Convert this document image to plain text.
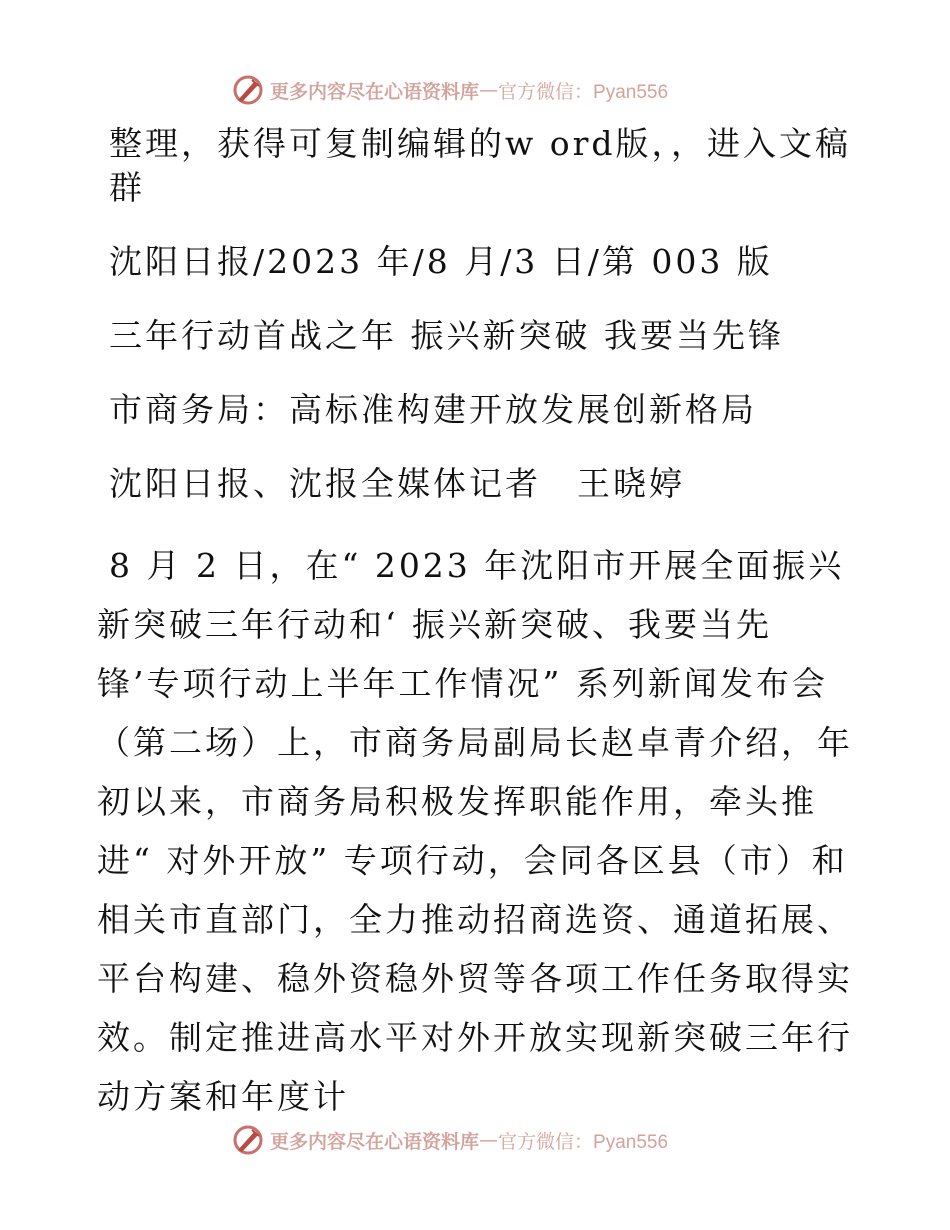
更多内容尽在心语资料库 — 官方微信：Pyan556

整理，获得可复制编辑的w ord版，，进入文稿群

沈阳日报/2023 年/8 月/3 日/第 003 版

三年行动首战之年 振兴新突破 我要当先锋

市商务局：高标准构建开放发展创新格局

沈阳日报、沈报全媒体记者　王晓婷

8 月 2 日，在“ 2023 年沈阳市开展全面振兴新突破三年行动和‘ 振兴新突破、我要当先锋’专项行动上半年工作情况” 系列新闻发布会（第二场）上，市商务局副局长赵卓青介绍，年初以来，市商务局积极发挥职能作用，牵头推进“ 对外开放” 专项行动，会同各区县（市）和相关市直部门，全力推动招商选资、通道拓展、平台构建、稳外资稳外贸等各项工作任务取得实效。制定推进高水平对外开放实现新突破三年行动方案和年度计

更多内容尽在心语资料库 — 官方微信：Pyan556
